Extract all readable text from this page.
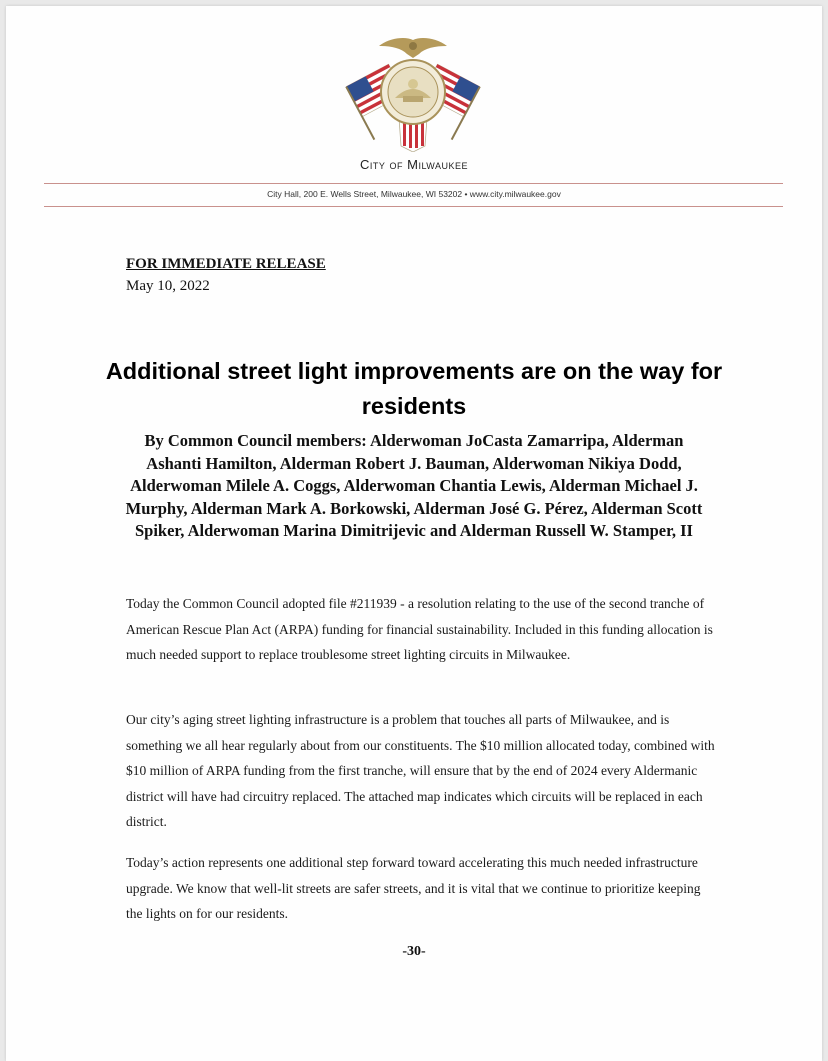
City of Milwaukee
City Hall, 200 E. Wells Street, Milwaukee, WI 53202 • www.city.milwaukee.gov
FOR IMMEDIATE RELEASE
May 10, 2022
Additional street light improvements are on the way for residents
By Common Council members: Alderwoman JoCasta Zamarripa, Alderman Ashanti Hamilton, Alderman Robert J. Bauman, Alderwoman Nikiya Dodd, Alderwoman Milele A. Coggs, Alderwoman Chantia Lewis, Alderman Michael J. Murphy, Alderman Mark A. Borkowski, Alderman José G. Pérez, Alderman Scott Spiker, Alderwoman Marina Dimitrijevic and Alderman Russell W. Stamper, II
Today the Common Council adopted file #211939 - a resolution relating to the use of the second tranche of American Rescue Plan Act (ARPA) funding for financial sustainability. Included in this funding allocation is much needed support to replace troublesome street lighting circuits in Milwaukee.
Our city’s aging street lighting infrastructure is a problem that touches all parts of Milwaukee, and is something we all hear regularly about from our constituents. The $10 million allocated today, combined with $10 million of ARPA funding from the first tranche, will ensure that by the end of 2024 every Aldermanic district will have had circuitry replaced. The attached map indicates which circuits will be replaced in each district.
Today’s action represents one additional step forward toward accelerating this much needed infrastructure upgrade. We know that well-lit streets are safer streets, and it is vital that we continue to prioritize keeping the lights on for our residents.
-30-
